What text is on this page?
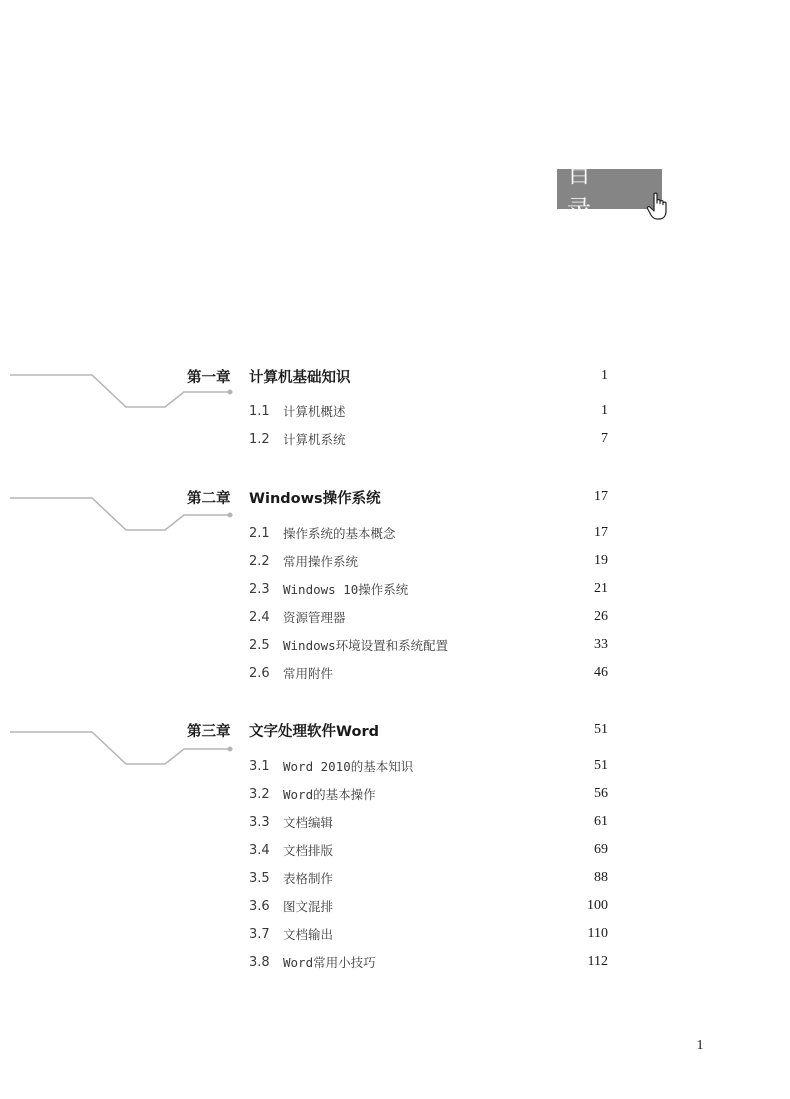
目 录
第一章	计算机基础知识	1
1.1	计算机概述	1
1.2	计算机系统	7
第二章	Windows操作系统	17
2.1	操作系统的基本概念	17
2.2	常用操作系统	19
2.3	Windows 10操作系统	21
2.4	资源管理器	26
2.5	Windows环境设置和系统配置	33
2.6	常用附件	46
第三章	文字处理软件Word	51
3.1	Word 2010的基本知识	51
3.2	Word的基本操作	56
3.3	文档编辑	61
3.4	文档排版	69
3.5	表格制作	88
3.6	图文混排	100
3.7	文档输出	110
3.8	Word常用小技巧	112
1
